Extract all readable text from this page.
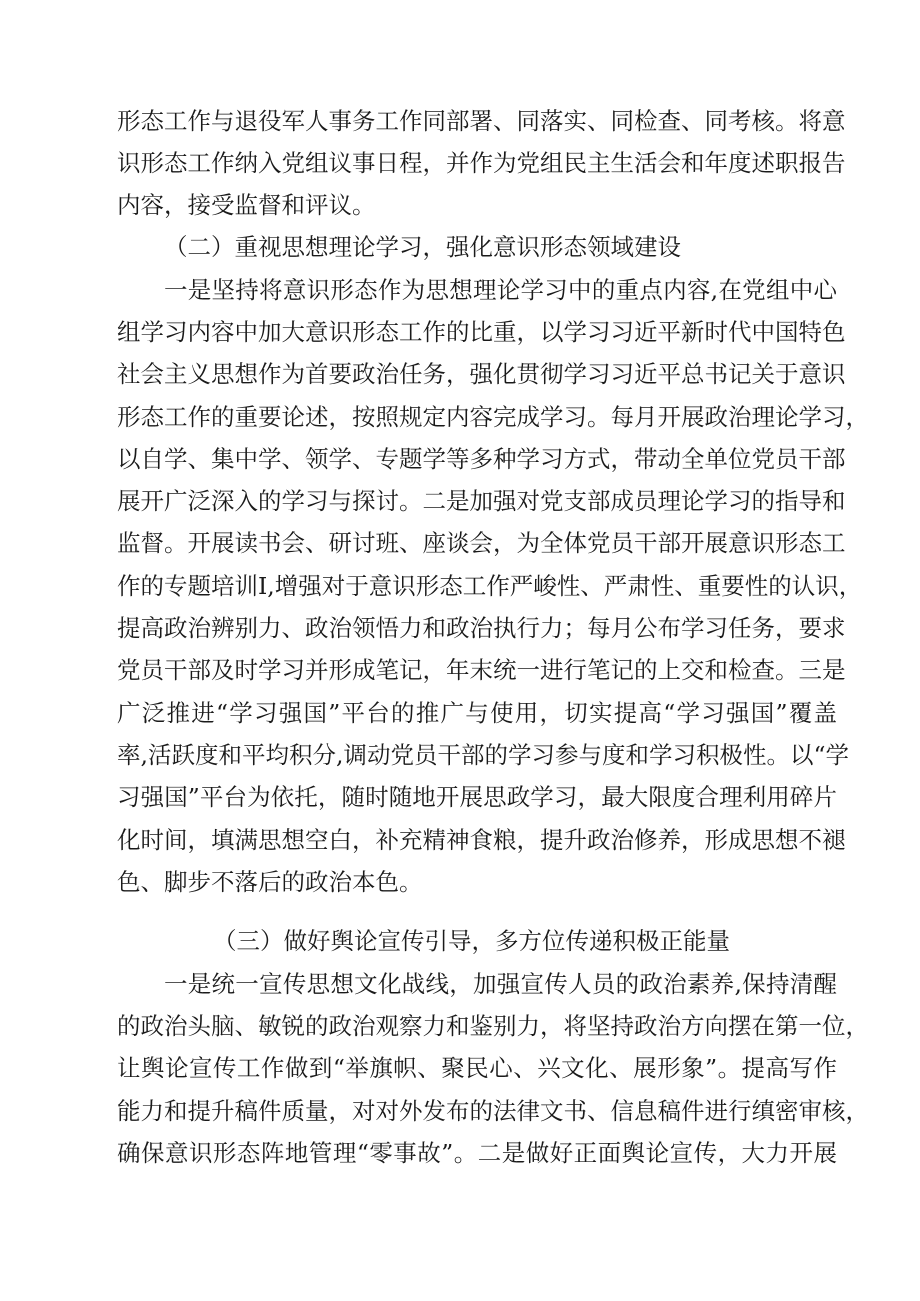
形态工作与退役军人事务工作同部署、同落实、同检查、同考核。将意
识形态工作纳入党组议事日程，并作为党组民主生活会和年度述职报告
内容，接受监督和评议。
（二）重视思想理论学习，强化意识形态领域建设
一是坚持将意识形态作为思想理论学习中的重点内容,在党组中心
组学习内容中加大意识形态工作的比重，以学习习近平新时代中国特色
社会主义思想作为首要政治任务，强化贯彻学习习近平总书记关于意识
形态工作的重要论述，按照规定内容完成学习。每月开展政治理论学习，
以自学、集中学、领学、专题学等多种学习方式，带动全单位党员干部
展开广泛深入的学习与探讨。二是加强对党支部成员理论学习的指导和
监督。开展读书会、研讨班、座谈会，为全体党员干部开展意识形态工
作的专题培训I,增强对于意识形态工作严峻性、严肃性、重要性的认识，
提高政治辨别力、政治领悟力和政治执行力；每月公布学习任务，要求
党员干部及时学习并形成笔记，年末统一进行笔记的上交和检查。三是
广泛推进“学习强国”平台的推广与使用，切实提高“学习强国”覆盖
率,活跃度和平均积分,调动党员干部的学习参与度和学习积极性。以“学
习强国”平台为依托，随时随地开展思政学习，最大限度合理利用碎片
化时间，填满思想空白，补充精神食粮，提升政治修养，形成思想不褪
色、脚步不落后的政治本色。
（三）做好舆论宣传引导，多方位传递积极正能量
一是统一宣传思想文化战线，加强宣传人员的政治素养,保持清醒
的政治头脑、敏锐的政治观察力和鉴别力，将坚持政治方向摆在第一位，
让舆论宣传工作做到“举旗帜、聚民心、兴文化、展形象”。提高写作
能力和提升稿件质量，对对外发布的法律文书、信息稿件进行缜密审核，
确保意识形态阵地管理“零事故”。二是做好正面舆论宣传，大力开展
